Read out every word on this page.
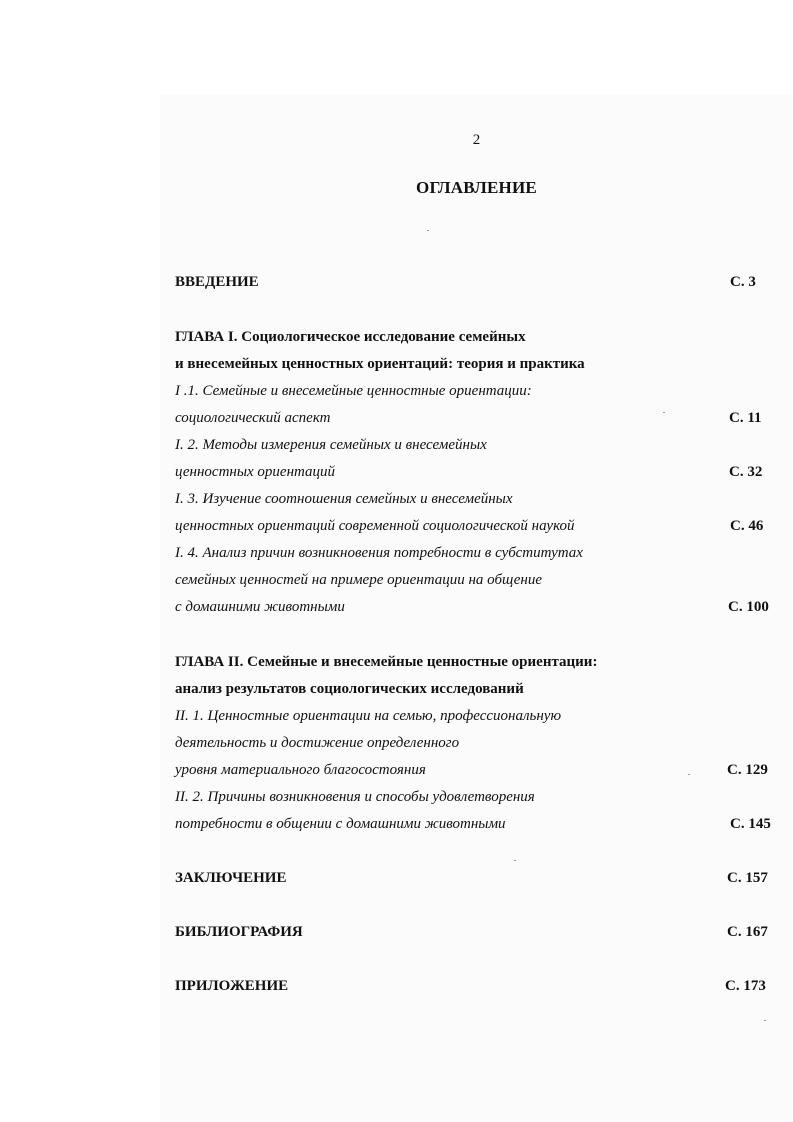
2
ОГЛАВЛЕНИЕ
ВВЕДЕНИЕ	С. 3
ГЛАВА I. Социологическое исследование семейных
и внесемейных ценностных ориентаций: теория и практика
I .1. Семейные и внесемейные ценностные ориентации:
социологический аспект	С. 11
I. 2. Методы измерения семейных и внесемейных
ценностных ориентаций	С. 32
I. 3. Изучение соотношения семейных и внесемейных
ценностных ориентаций современной социологической наукой	С. 46
I. 4. Анализ причин возникновения потребности в субститутах
семейных ценностей на примере ориентации на общение
с домашними животными	С. 100
ГЛАВА II. Семейные и внесемейные ценностные ориентации:
анализ результатов социологических исследований
II. 1. Ценностные ориентации на семью, профессиональную
деятельность и достижение определенного
уровня материального благосостояния	С. 129
II. 2. Причины возникновения и способы удовлетворения
потребности в общении с домашними животными	С. 145
ЗАКЛЮЧЕНИЕ	С. 157
БИБЛИОГРАФИЯ	С. 167
ПРИЛОЖЕНИЕ	С. 173
